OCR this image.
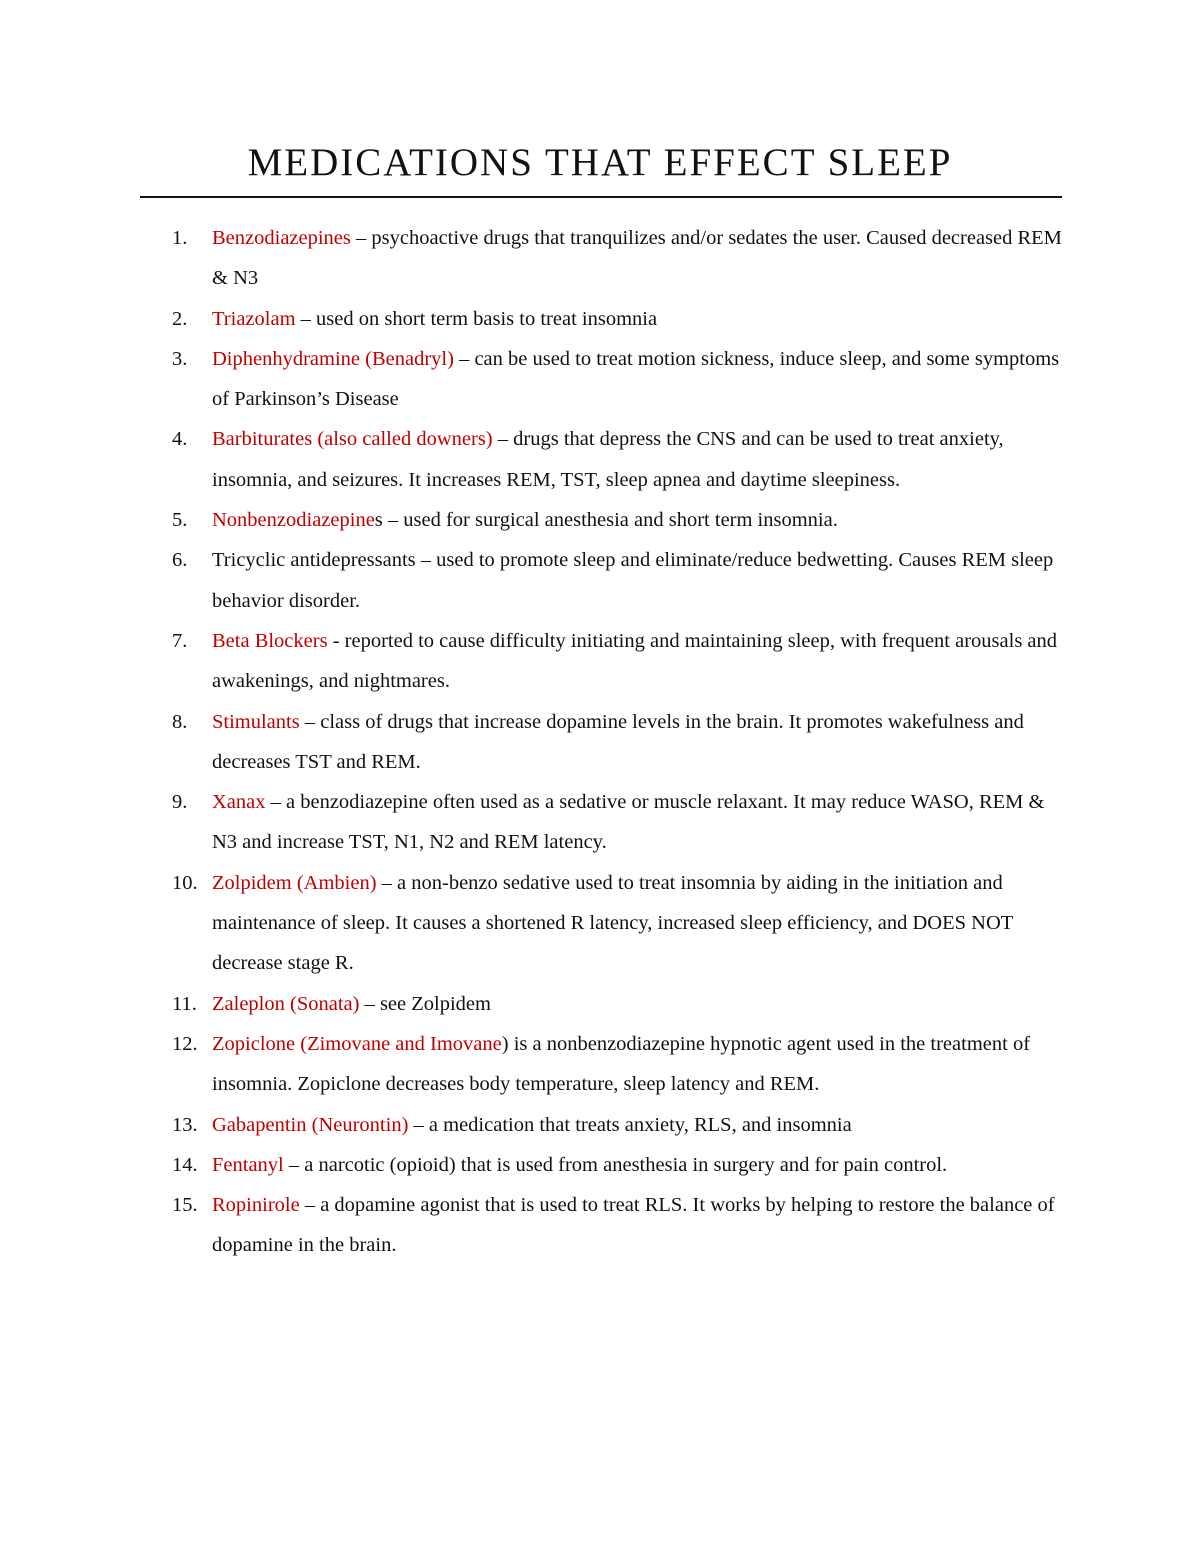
MEDICATIONS THAT EFFECT SLEEP
1.	Benzodiazepines – psychoactive drugs that tranquilizes and/or sedates the user. Caused decreased REM & N3
2.	Triazolam – used on short term basis to treat insomnia
3.	Diphenhydramine (Benadryl) – can be used to treat motion sickness, induce sleep, and some symptoms of Parkinson’s Disease
4.	Barbiturates (also called downers) – drugs that depress the CNS and can be used to treat anxiety, insomnia, and seizures. It increases REM, TST, sleep apnea and daytime sleepiness.
5.	Nonbenzodiazepines – used for surgical anesthesia and short term insomnia.
6.	Tricyclic antidepressants – used to promote sleep and eliminate/reduce bedwetting. Causes REM sleep behavior disorder.
7.	Beta Blockers - reported to cause difficulty initiating and maintaining sleep, with frequent arousals and awakenings, and nightmares.
8.	Stimulants – class of drugs that increase dopamine levels in the brain. It promotes wakefulness and decreases TST and REM.
9.	Xanax – a benzodiazepine often used as a sedative or muscle relaxant. It may reduce WASO, REM & N3 and increase TST, N1, N2 and REM latency.
10. Zolpidem (Ambien) – a non-benzo sedative used to treat insomnia by aiding in the initiation and maintenance of sleep. It causes a shortened R latency, increased sleep efficiency, and DOES NOT decrease stage R.
11. Zaleplon (Sonata) – see Zolpidem
12. Zopiclone (Zimovane and Imovane) is a nonbenzodiazepine hypnotic agent used in the treatment of insomnia. Zopiclone decreases body temperature, sleep latency and REM.
13. Gabapentin (Neurontin) – a medication that treats anxiety, RLS, and insomnia
14. Fentanyl – a narcotic (opioid) that is used from anesthesia in surgery and for pain control.
15. Ropinirole – a dopamine agonist that is used to treat RLS. It works by helping to restore the balance of dopamine in the brain.
